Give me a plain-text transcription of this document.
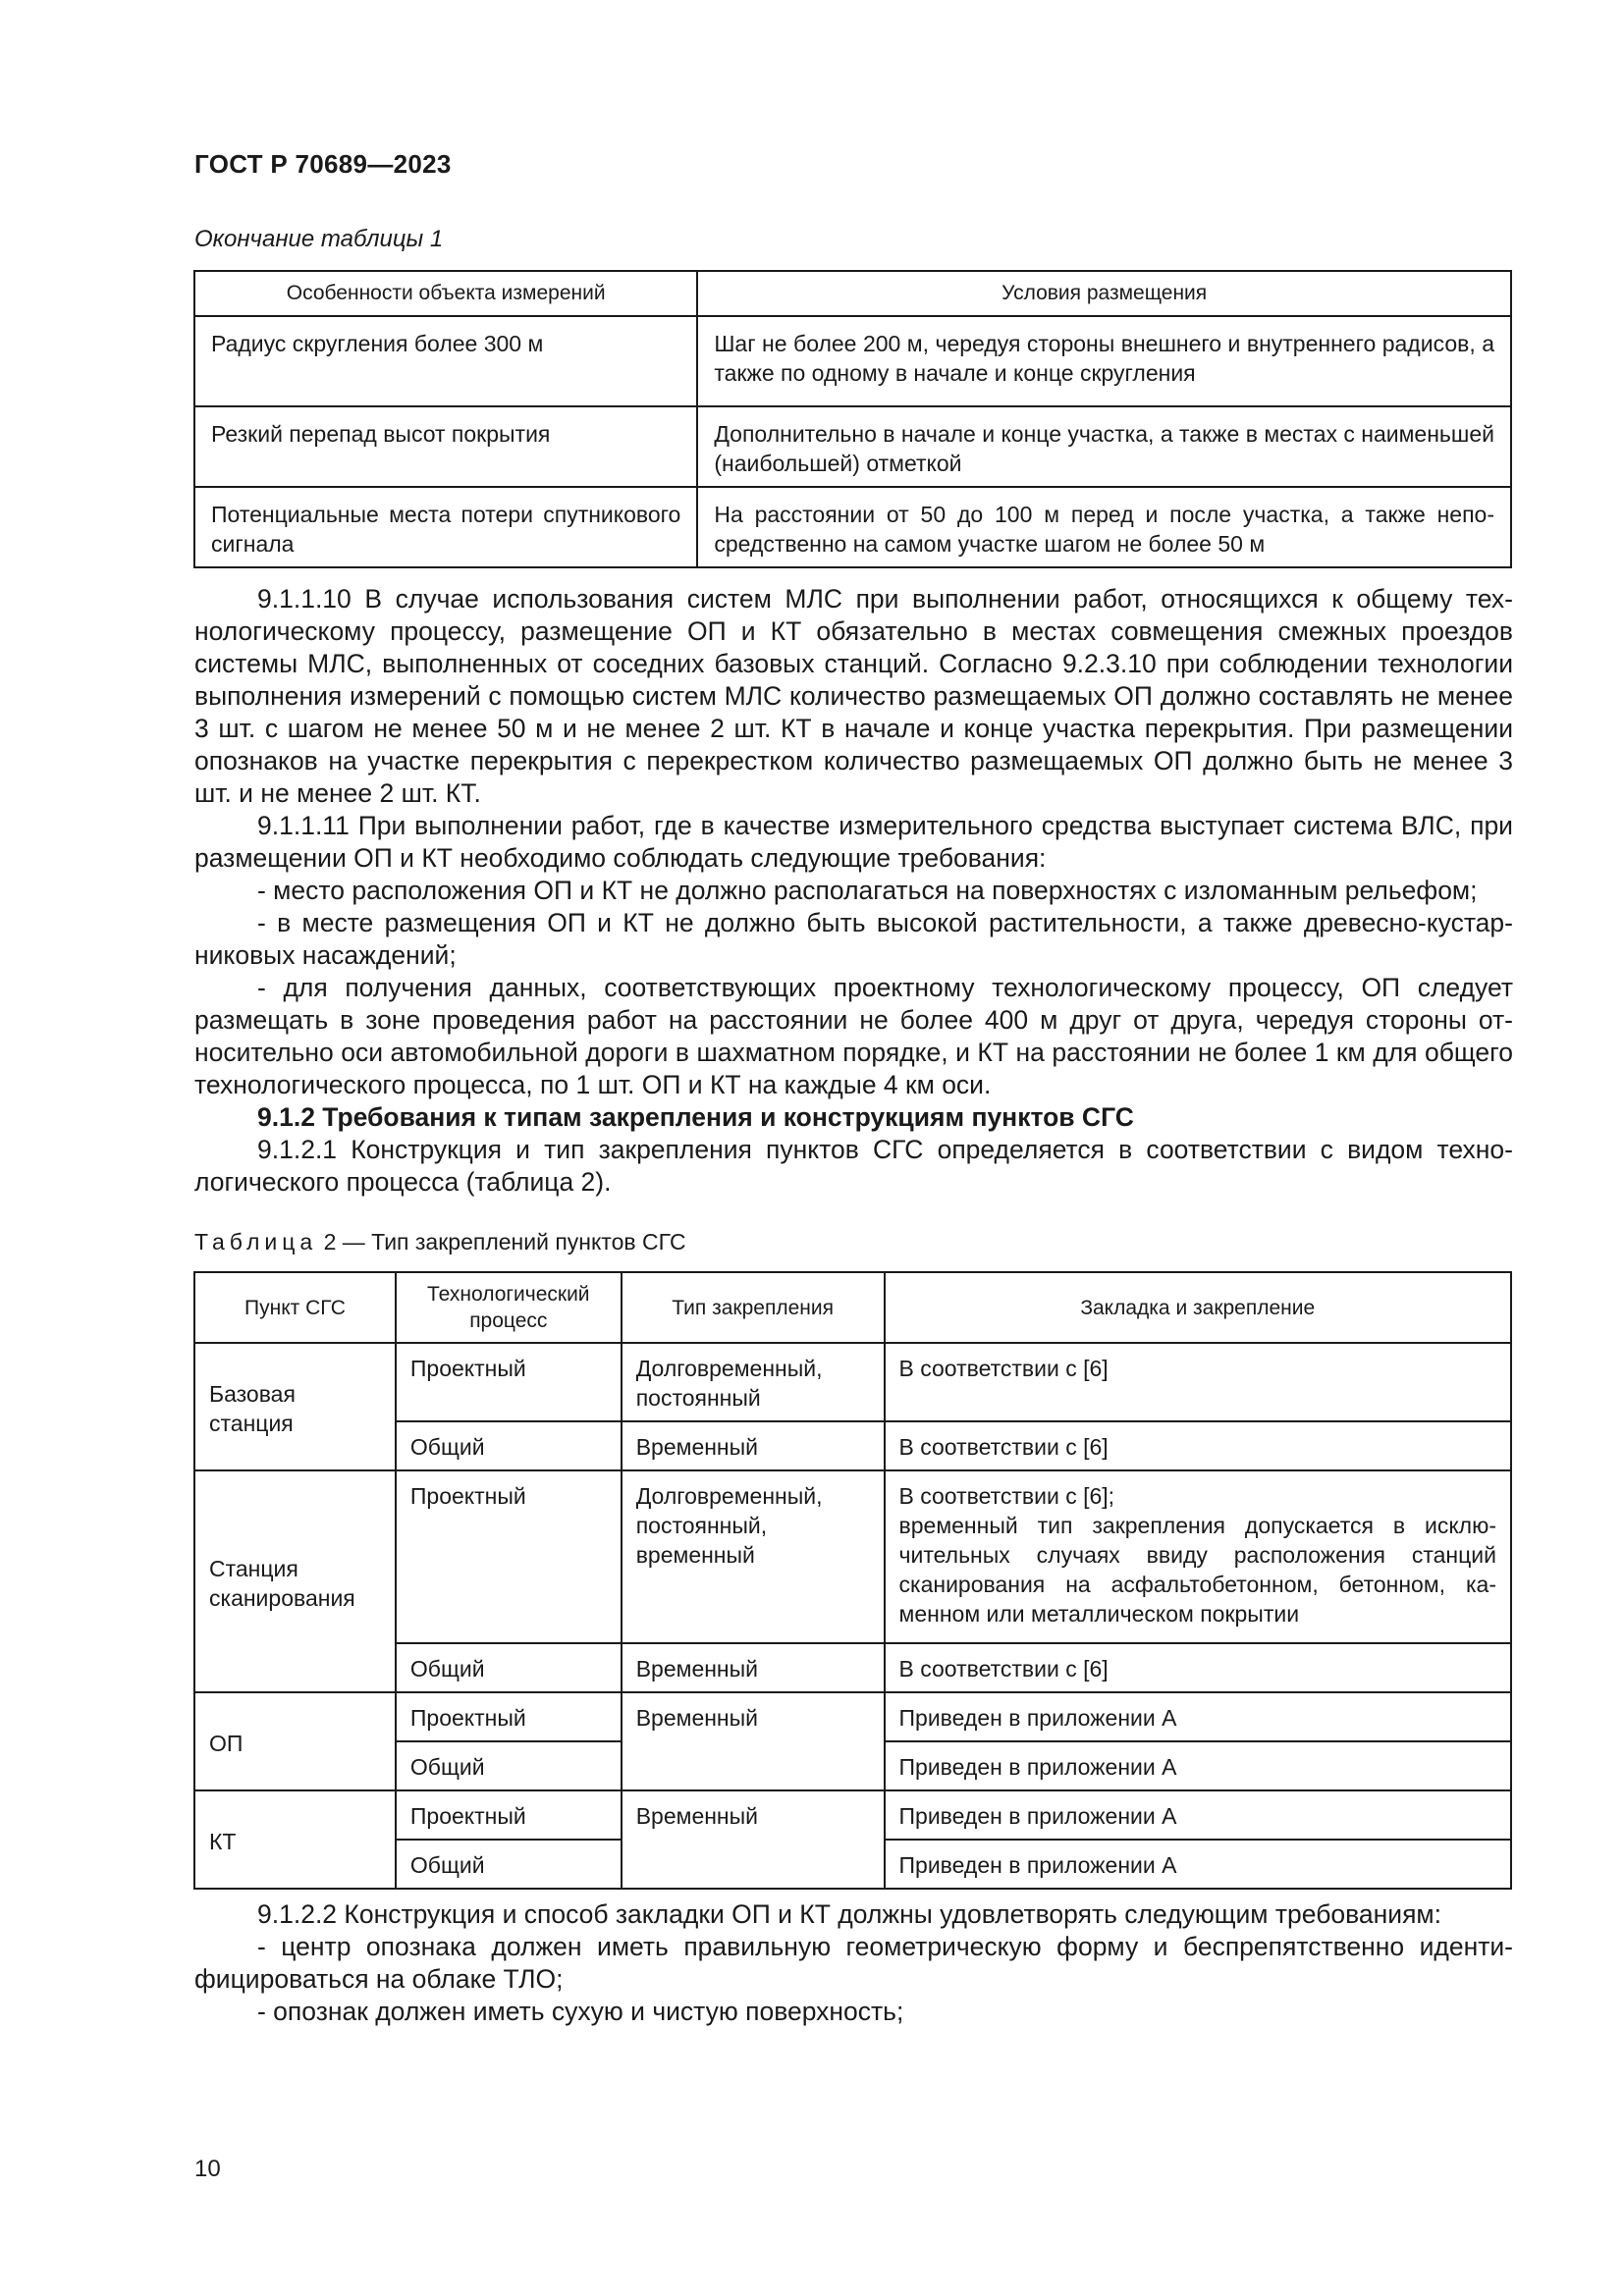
ГОСТ Р 70689—2023
Окончание таблицы 1
Особенности объекта измерений	Условия размещения
Радиус скругления более 300 м	Шаг не более 200 м, чередуя стороны внешнего и внутреннего радисов, а также по одному в начале и конце скругления
Резкий перепад высот покрытия	Дополнительно в начале и конце участка, а также в местах с наименьшей (наибольшей) отметкой
Потенциальные места потери спутникового сигнала	На расстоянии от 50 до 100 м перед и после участка, а также непосредственно на самом участке шагом не более 50 м

9.1.1.10 В случае использования систем МЛС при выполнении работ, относящихся к общему технологическому процессу, размещение ОП и КТ обязательно в местах совмещения смежных проездов системы МЛС, выполненных от соседних базовых станций. Согласно 9.2.3.10 при соблюдении технологии выполнения измерений с помощью систем МЛС количество размещаемых ОП должно составлять не менее 3 шт. с шагом не менее 50 м и не менее 2 шт. КТ в начале и конце участка перекрытия. При размещении опознаков на участке перекрытия с перекрестком количество размещаемых ОП должно быть не менее 3 шт. и не менее 2 шт. КТ.

9.1.1.11 При выполнении работ, где в качестве измерительного средства выступает система ВЛС, при размещении ОП и КТ необходимо соблюдать следующие требования:

- место расположения ОП и КТ не должно располагаться на поверхностях с изломанным рельефом;

- в месте размещения ОП и КТ не должно быть высокой растительности, а также древесно-кустарниковых насаждений;

- для получения данных, соответствующих проектному технологическому процессу, ОП следует размещать в зоне проведения работ на расстоянии не более 400 м друг от друга, чередуя стороны относительно оси автомобильной дороги в шахматном порядке, и КТ на расстоянии не более 1 км для общего технологического процесса, по 1 шт. ОП и КТ на каждые 4 км оси.

9.1.2 Требования к типам закрепления и конструкциям пунктов СГС

9.1.2.1 Конструкция и тип закрепления пунктов СГС определяется в соответствии с видом технологического процесса (таблица 2).

Таблица 2 — Тип закреплений пунктов СГС
Пункт СГС	Технологический процесс	Тип закрепления	Закладка и закрепление
Базовая станция	Проектный	Долговременный, постоянный	В соответствии с [6]
	Общий	Временный	В соответствии с [6]
Станция сканирования	Проектный	Долговременный, постоянный, временный	В соответствии с [6];
временный тип закрепления допускается в исключительных случаях ввиду расположения станций сканирования на асфальтобетонном, бетонном, каменном или металлическом покрытии

	Общий	Временный	В соответствии с [6]
ОП	Проектный	Временный	Приведен в приложении А
	Общий		Приведен в приложении А
КТ	Проектный	Временный	Приведен в приложении А
	Общий		Приведен в приложении А

9.1.2.2 Конструкция и способ закладки ОП и КТ должны удовлетворять следующим требованиям:

- центр опознака должен иметь правильную геометрическую форму и беспрепятственно идентифицироваться на облаке ТЛО;

- опознак должен иметь сухую и чистую поверхность;

10
